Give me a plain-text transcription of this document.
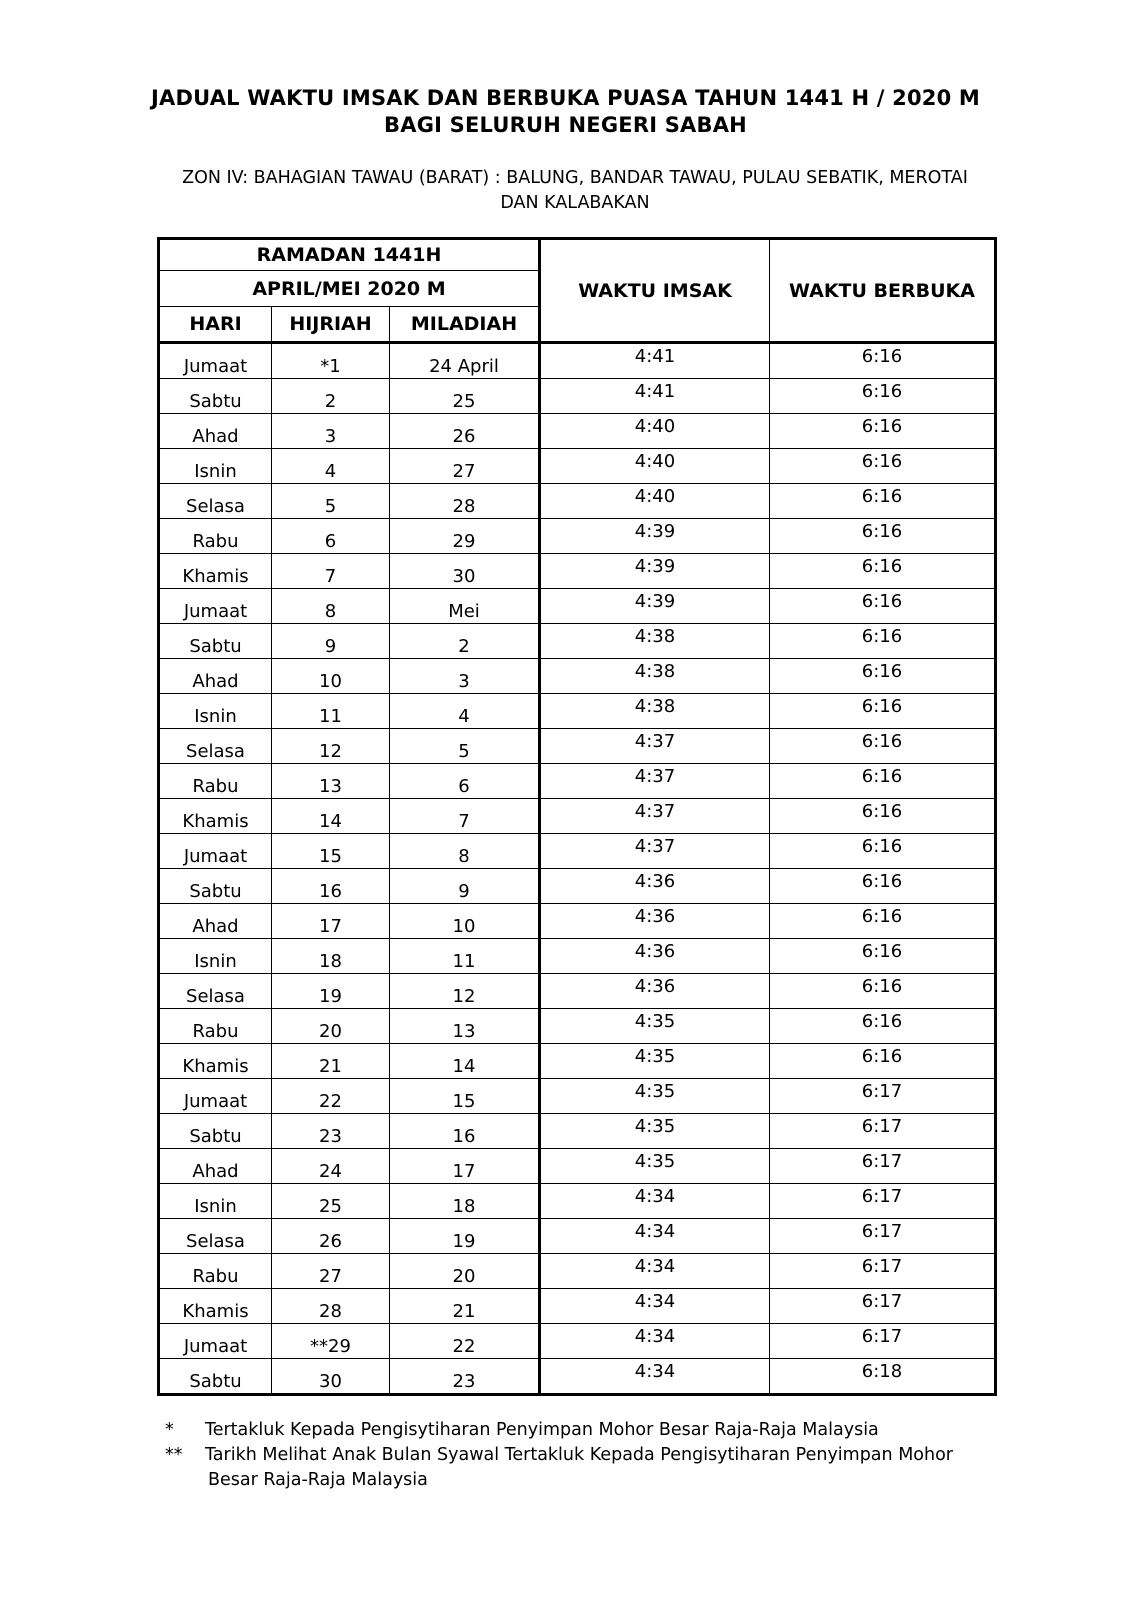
JADUAL WAKTU IMSAK DAN BERBUKA PUASA TAHUN 1441 H / 2020 M
BAGI SELURUH NEGERI SABAH
ZON IV: BAHAGIAN TAWAU (BARAT) : BALUNG, BANDAR TAWAU, PULAU SEBATIK, MEROTAI
DAN KALABAKAN
RAMADAN 1441H			WAKTU IMSAK	WAKTU BERBUKA
APRIL/MEI 2020 M				
HARI	HIJRIAH	MILADIAH		
Jumaat	*1	24 April	4:41	6:16
Sabtu	2	25	4:41	6:16
Ahad	3	26	4:40	6:16
Isnin	4	27	4:40	6:16
Selasa	5	28	4:40	6:16
Rabu	6	29	4:39	6:16
Khamis	7	30	4:39	6:16
Jumaat	8	Mei	4:39	6:16
Sabtu	9	2	4:38	6:16
Ahad	10	3	4:38	6:16
Isnin	11	4	4:38	6:16
Selasa	12	5	4:37	6:16
Rabu	13	6	4:37	6:16
Khamis	14	7	4:37	6:16
Jumaat	15	8	4:37	6:16
Sabtu	16	9	4:36	6:16
Ahad	17	10	4:36	6:16
Isnin	18	11	4:36	6:16
Selasa	19	12	4:36	6:16
Rabu	20	13	4:35	6:16
Khamis	21	14	4:35	6:16
Jumaat	22	15	4:35	6:17
Sabtu	23	16	4:35	6:17
Ahad	24	17	4:35	6:17
Isnin	25	18	4:34	6:17
Selasa	26	19	4:34	6:17
Rabu	27	20	4:34	6:17
Khamis	28	21	4:34	6:17
Jumaat	**29	22	4:34	6:17
Sabtu	30	23	4:34	6:18
* Tertakluk Kepada Pengisytiharan Penyimpan Mohor Besar Raja-Raja Malaysia
** Tarikh Melihat Anak Bulan Syawal Tertakluk Kepada Pengisytiharan Penyimpan Mohor
Besar Raja-Raja Malaysia
